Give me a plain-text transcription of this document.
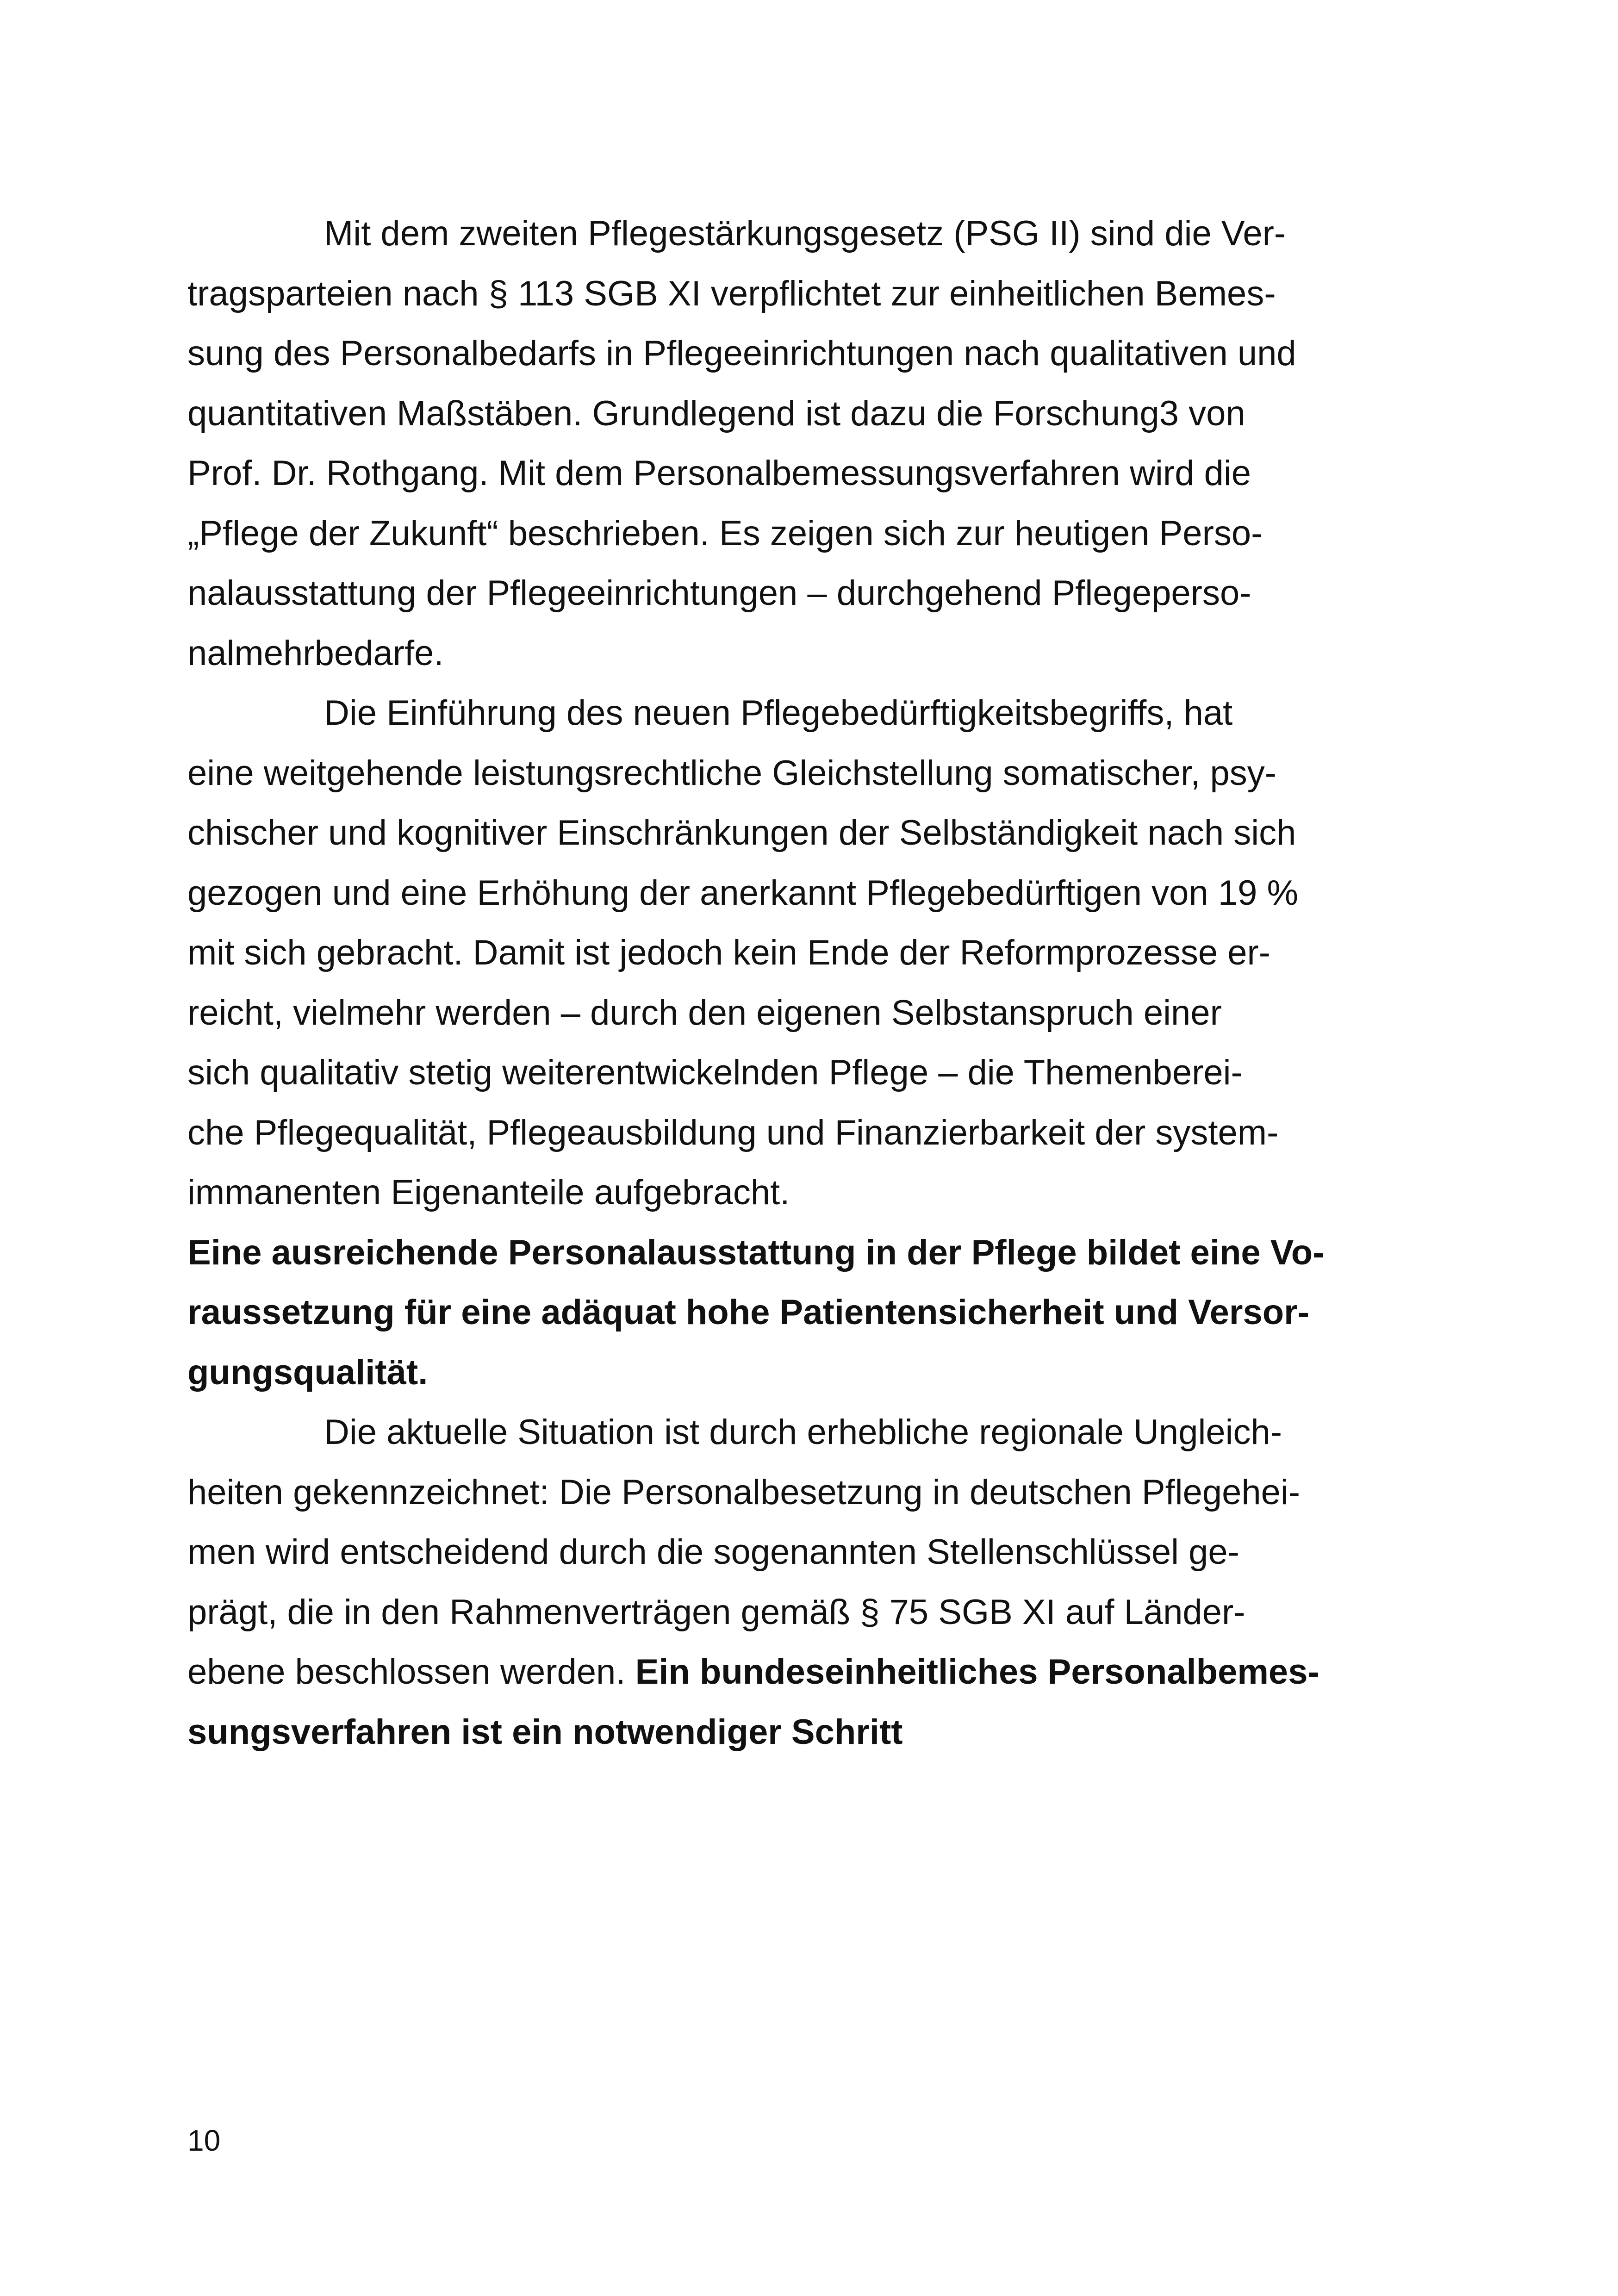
Mit dem zweiten Pflegestärkungsgesetz (PSG II) sind die Ver-
tragsparteien nach § 113 SGB XI verpflichtet zur einheitlichen Bemes-
sung des Personalbedarfs in Pflegeeinrichtungen nach qualitativen und
quantitativen Maßstäben. Grundlegend ist dazu die Forschung3 von
Prof. Dr. Rothgang. Mit dem Personalbemessungsverfahren wird die
„Pflege der Zukunft“ beschrieben. Es zeigen sich zur heutigen Perso-
nalausstattung der Pflegeeinrichtungen – durchgehend Pflegeperso-
nalmehrbedarfe.
Die Einführung des neuen Pflegebedürftigkeitsbegriffs, hat
eine weitgehende leistungsrechtliche Gleichstellung somatischer, psy-
chischer und kognitiver Einschränkungen der Selbständigkeit nach sich
gezogen und eine Erhöhung der anerkannt Pflegebedürftigen von 19 %
mit sich gebracht. Damit ist jedoch kein Ende der Reformprozesse er-
reicht, vielmehr werden – durch den eigenen Selbstanspruch einer
sich qualitativ stetig weiterentwickelnden Pflege – die Themenberei-
che Pflegequalität, Pflegeausbildung und Finanzierbarkeit der system-
immanenten Eigenanteile aufgebracht.
Eine ausreichende Personalausstattung in der Pflege bildet eine Vo-
raussetzung für eine adäquat hohe Patientensicherheit und Versor-
gungsqualität.
Die aktuelle Situation ist durch erhebliche regionale Ungleich-
heiten gekennzeichnet: Die Personalbesetzung in deutschen Pflegehei-
men wird entscheidend durch die sogenannten Stellenschlüssel ge-
prägt, die in den Rahmenverträgen gemäß § 75 SGB XI auf Länder-
ebene beschlossen werden. Ein bundeseinheitliches Personalbemes-
sungsverfahren ist ein notwendiger Schritt
10
